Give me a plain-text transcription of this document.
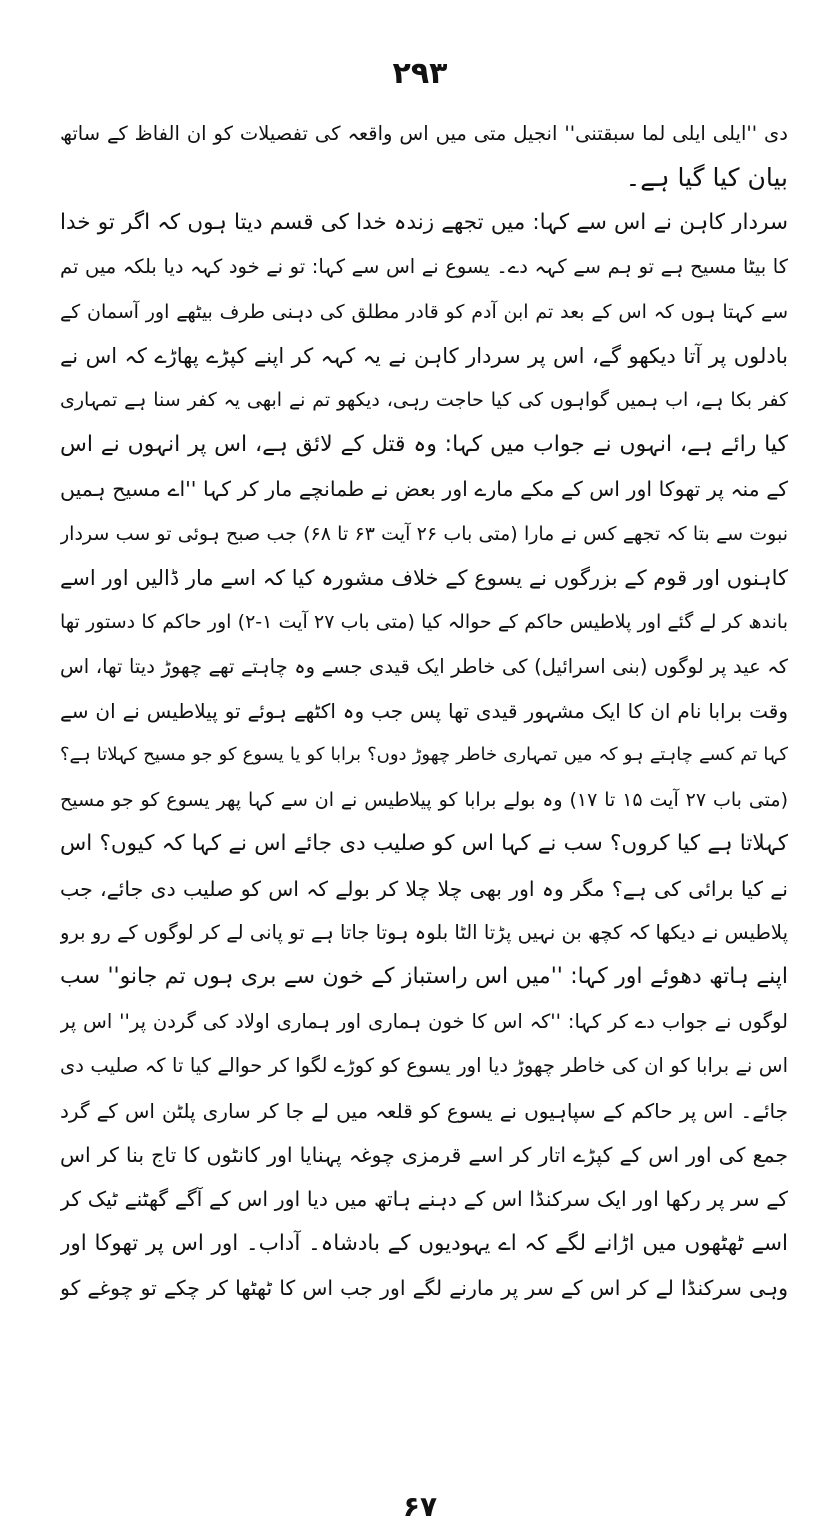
۲۹۳
دی ''ایلی ایلی لما سبقتنی'' انجیل متی میں اس واقعہ کی تفصیلات کو ان الفاظ کے ساتھ
بیان کیا گیا ہے۔
سردار کاہن نے اس سے کہا: میں تجھے زندہ خدا کی قسم دیتا ہوں کہ اگر تو خدا
کا بیٹا مسیح ہے تو ہم سے کہہ دے۔ یسوع نے اس سے کہا: تو نے خود کہہ دیا بلکہ میں تم
سے کہتا ہوں کہ اس کے بعد تم ابن آدم کو قادر مطلق کی دہنی طرف بیٹھے اور آسمان کے
بادلوں پر آتا دیکھو گے، اس پر سردار کاہن نے یہ کہہ کر اپنے کپڑے پھاڑے کہ اس نے
کفر بکا ہے، اب ہمیں گواہوں کی کیا حاجت رہی، دیکھو تم نے ابھی یہ کفر سنا ہے تمہاری
کیا رائے ہے، انہوں نے جواب میں کہا: وہ قتل کے لائق ہے، اس پر انہوں نے اس
کے منہ پر تھوکا اور اس کے مکے مارے اور بعض نے طمانچے مار کر کہا ''اے مسیح ہمیں
نبوت سے بتا کہ تجھے کس نے مارا (متی باب ۲۶ آیت ۶۳ تا ۶۸) جب صبح ہوئی تو سب سردار
کاہنوں اور قوم کے بزرگوں نے یسوع کے خلاف مشورہ کیا کہ اسے مار ڈالیں اور اسے
باندھ کر لے گئے اور پلاطیس حاکم کے حوالہ کیا (متی باب ۲۷ آیت ۱-۲) اور حاکم کا دستور تھا
کہ عید پر لوگوں (بنی اسرائیل) کی خاطر ایک قیدی جسے وہ چاہتے تھے چھوڑ دیتا تھا، اس
وقت برابا نام ان کا ایک مشہور قیدی تھا پس جب وہ اکٹھے ہوئے تو پیلاطیس نے ان سے
کہا تم کسے چاہتے ہو کہ میں تمہاری خاطر چھوڑ دوں؟ برابا کو یا یسوع کو جو مسیح کہلاتا ہے؟
(متی باب ۲۷ آیت ۱۵ تا ۱۷) وہ بولے برابا کو پیلاطیس نے ان سے کہا پھر یسوع کو جو مسیح
کہلاتا ہے کیا کروں؟ سب نے کہا اس کو صلیب دی جائے اس نے کہا کہ کیوں؟ اس
نے کیا برائی کی ہے؟ مگر وہ اور بھی چلا چلا کر بولے کہ اس کو صلیب دی جائے، جب
پلاطیس نے دیکھا کہ کچھ بن نہیں پڑتا الٹا بلوہ ہوتا جاتا ہے تو پانی لے کر لوگوں کے رو برو
اپنے ہاتھ دھوئے اور کہا: ''میں اس راستباز کے خون سے بری ہوں تم جانو'' سب
لوگوں نے جواب دے کر کہا: ''کہ اس کا خون ہماری اور ہماری اولاد کی گردن پر'' اس پر
اس نے برابا کو ان کی خاطر چھوڑ دیا اور یسوع کو کوڑے لگوا کر حوالے کیا تا کہ صلیب دی
جائے۔ اس پر حاکم کے سپاہیوں نے یسوع کو قلعہ میں لے جا کر ساری پلٹن اس کے گرد
جمع کی اور اس کے کپڑے اتار کر اسے قرمزی چوغہ پہنایا اور کانٹوں کا تاج بنا کر اس
کے سر پر رکھا اور ایک سرکنڈا اس کے دہنے ہاتھ میں دیا اور اس کے آگے گھٹنے ٹیک کر
اسے ٹھٹھوں میں اڑانے لگے کہ اے یہودیوں کے بادشاہ۔ آداب۔ اور اس پر تھوکا اور
وہی سرکنڈا لے کر اس کے سر پر مارنے لگے اور جب اس کا ٹھٹھا کر چکے تو چوغے کو
۶۷
